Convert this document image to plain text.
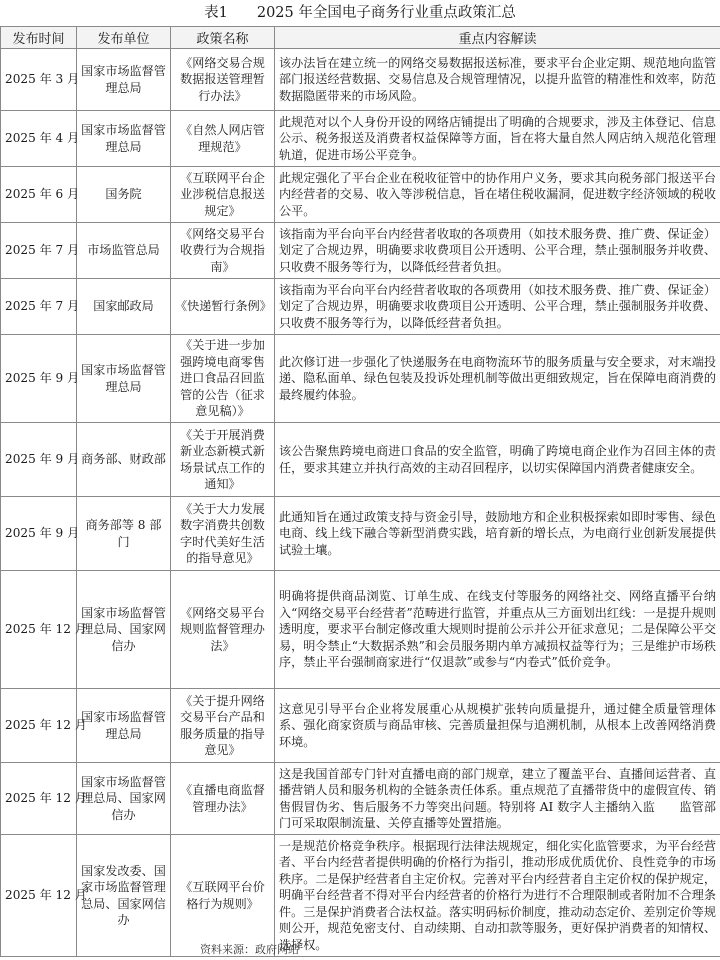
表1　　2025 年全国电子商务行业重点政策汇总
发布时间	发布单位	政策名称	重点内容解读
2025 年 3 月	国家市场监督管理总局	《网络交易合规数据报送管理暂行办法》	该办法旨在建立统一的网络交易数据报送标准，要求平台企业定期、规范地向监管部门报送经营数据、交易信息及合规管理情况，以提升监管的精准性和效率，防范数据隐匿带来的市场风险。
2025 年 4 月	国家市场监督管理总局	《自然人网店管理规范》	此规范对以个人身份开设的网络店铺提出了明确的合规要求，涉及主体登记、信息公示、税务报送及消费者权益保障等方面，旨在将大量自然人网店纳入规范化管理轨道，促进市场公平竞争。
2025 年 6 月	国务院	《互联网平台企业涉税信息报送规定》	此规定强化了平台企业在税收征管中的协作用户义务，要求其向税务部门报送平台内经营者的交易、收入等涉税信息，旨在堵住税收漏洞，促进数字经济领域的税收公平。
2025 年 7 月	市场监管总局	《网络交易平台收费行为合规指南》	该指南为平台向平台内经营者收取的各项费用（如技术服务费、推广费、保证金）划定了合规边界，明确要求收费项目公开透明、公平合理，禁止强制服务并收费、只收费不服务等行为，以降低经营者负担。
2025 年 7 月	国家邮政局	《快递暂行条例》	该指南为平台向平台内经营者收取的各项费用（如技术服务费、推广费、保证金）划定了合规边界，明确要求收费项目公开透明、公平合理，禁止强制服务并收费、只收费不服务等行为，以降低经营者负担。
2025 年 9 月	国家市场监督管理总局	《关于进一步加强跨境电商零售进口食品召回监管的公告（征求意见稿）》	此次修订进一步强化了快递服务在电商物流环节的服务质量与安全要求，对末端投递、隐私面单、绿色包装及投诉处理机制等做出更细致规定，旨在保障电商消费的最终履约体验。
2025 年 9 月	商务部、财政部	《关于开展消费新业态新模式新场景试点工作的通知》	该公告聚焦跨境电商进口食品的安全监管，明确了跨境电商企业作为召回主体的责任，要求其建立并执行高效的主动召回程序，以切实保障国内消费者健康安全。
2025 年 9 月	商务部等 8 部门	《关于大力发展数字消费共创数字时代美好生活的指导意见》	此通知旨在通过政策支持与资金引导，鼓励地方和企业积极探索如即时零售、绿色电商、线上线下融合等新型消费实践，培育新的增长点，为电商行业创新发展提供试验土壤。
2025 年 12 月	国家市场监督管理总局、国家网信办	《网络交易平台规则监督管理办法》	明确将提供商品浏览、订单生成、在线支付等服务的网络社交、网络直播平台纳入“网络交易平台经营者”范畴进行监管，并重点从三方面划出红线：一是提升规则透明度，要求平台制定修改重大规则时提前公示并公开征求意见；二是保障公平交易，明令禁止“大数据杀熟”和会员服务期内单方减损权益等行为；三是维护市场秩序，禁止平台强制商家进行“仅退款”或参与“内卷式”低价竞争。
2025 年 12 月	国家市场监督管理总局	《关于提升网络交易平台产品和服务质量的指导意见》	这意见引导平台企业将发展重心从规模扩张转向质量提升，通过健全质量管理体系、强化商家资质与商品审核、完善质量担保与追溯机制，从根本上改善网络消费环境。
2025 年 12 月	国家市场监督管理总局、国家网信办	《直播电商监督管理办法》	这是我国首部专门针对直播电商的部门规章，建立了覆盖平台、直播间运营者、直播营销人员和服务机构的全链条责任体系。重点规范了直播带货中的虚假宣传、销售假冒伪劣、售后服务不力等突出问题。特别将 AI 数字人主播纳入监　　监管部门可采取限制流量、关停直播等处置措施。
2025 年 12 月	国家发改委、国家市场监督管理总局、国家网信办	《互联网平台价格行为规则》	一是规范价格竞争秩序。根据现行法律法规规定，细化实化监管要求，为平台经营者、平台内经营者提供明确的价格行为指引，推动形成优质优价、良性竞争的市场秩序。二是保护经营者自主定价权。完善对平台内经营者自主定价权的保护规定，明确平台经营者不得对平台内经营者的价格行为进行不合理限制或者附加不合理条件。三是保护消费者合法权益。落实明码标价制度，推动动态定价、差别定价等规则公开，规范免密支付、自动续期、自动扣款等服务，更好保护消费者的知情权、选择权。
资料来源：政府网站
